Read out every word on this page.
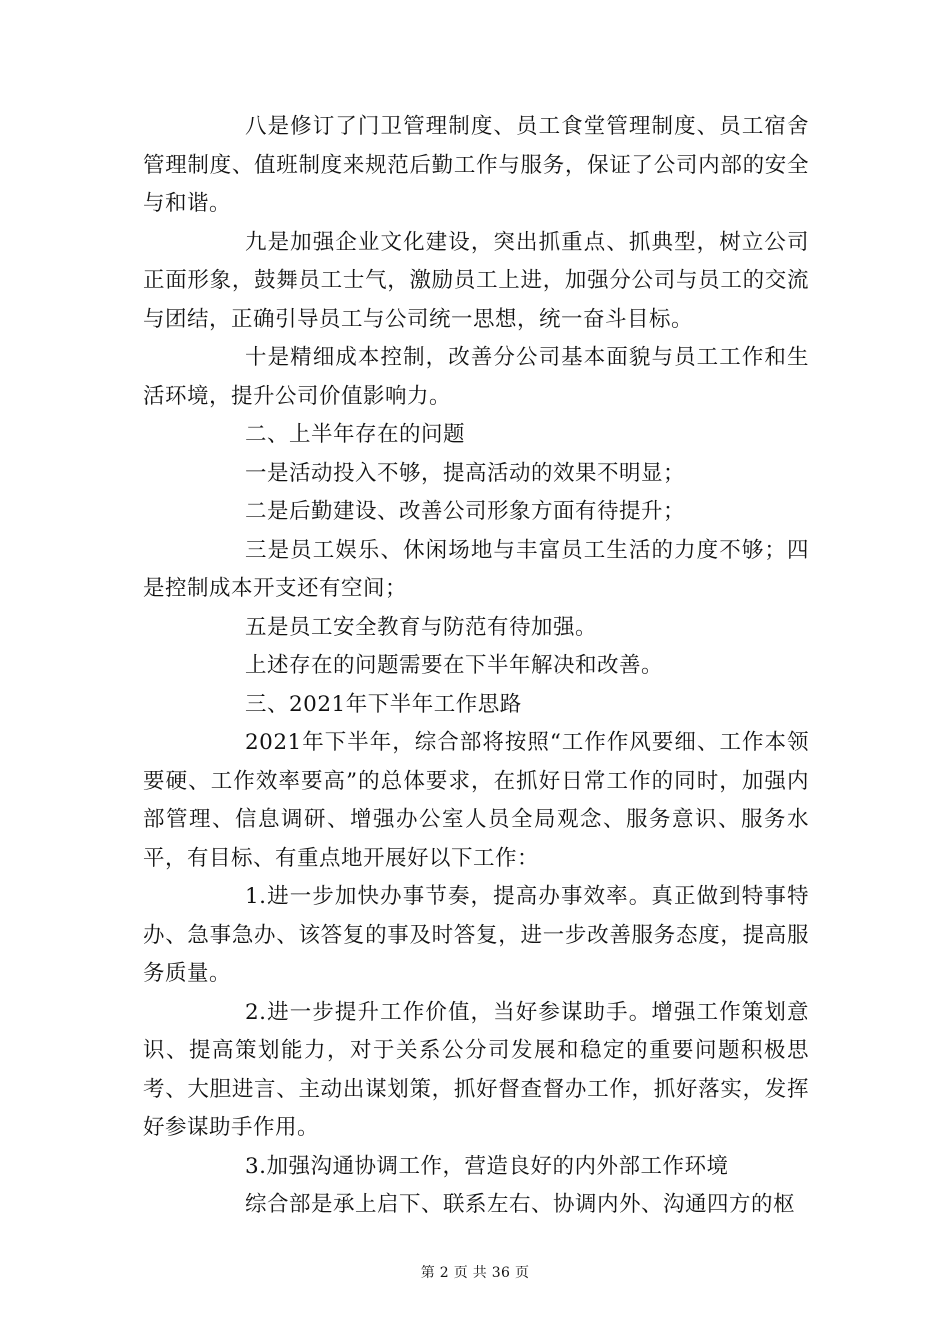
八是修订了门卫管理制度、员工食堂管理制度、员工宿舍管理制度、值班制度来规范后勤工作与服务，保证了公司内部的安全与和谐。

九是加强企业文化建设，突出抓重点、抓典型，树立公司正面形象，鼓舞员工士气，激励员工上进，加强分公司与员工的交流与团结，正确引导员工与公司统一思想，统一奋斗目标。

十是精细成本控制，改善分公司基本面貌与员工工作和生活环境，提升公司价值影响力。

二、上半年存在的问题

一是活动投入不够，提高活动的效果不明显；

二是后勤建设、改善公司形象方面有待提升；

三是员工娱乐、休闲场地与丰富员工生活的力度不够；四是控制成本开支还有空间；

五是员工安全教育与防范有待加强。

上述存在的问题需要在下半年解决和改善。

三、2021年下半年工作思路

2021年下半年，综合部将按照“工作作风要细、工作本领要硬、工作效率要高”的总体要求，在抓好日常工作的同时，加强内部管理、信息调研、增强办公室人员全局观念、服务意识、服务水平，有目标、有重点地开展好以下工作：

1.进一步加快办事节奏，提高办事效率。真正做到特事特办、急事急办、该答复的事及时答复，进一步改善服务态度，提高服务质量。

2.进一步提升工作价值，当好参谋助手。增强工作策划意识、提高策划能力，对于关系公分司发展和稳定的重要问题积极思考、大胆进言、主动出谋划策，抓好督查督办工作，抓好落实，发挥好参谋助手作用。

3.加强沟通协调工作，营造良好的内外部工作环境

综合部是承上启下、联系左右、协调内外、沟通四方的枢

第 2 页 共 36 页
